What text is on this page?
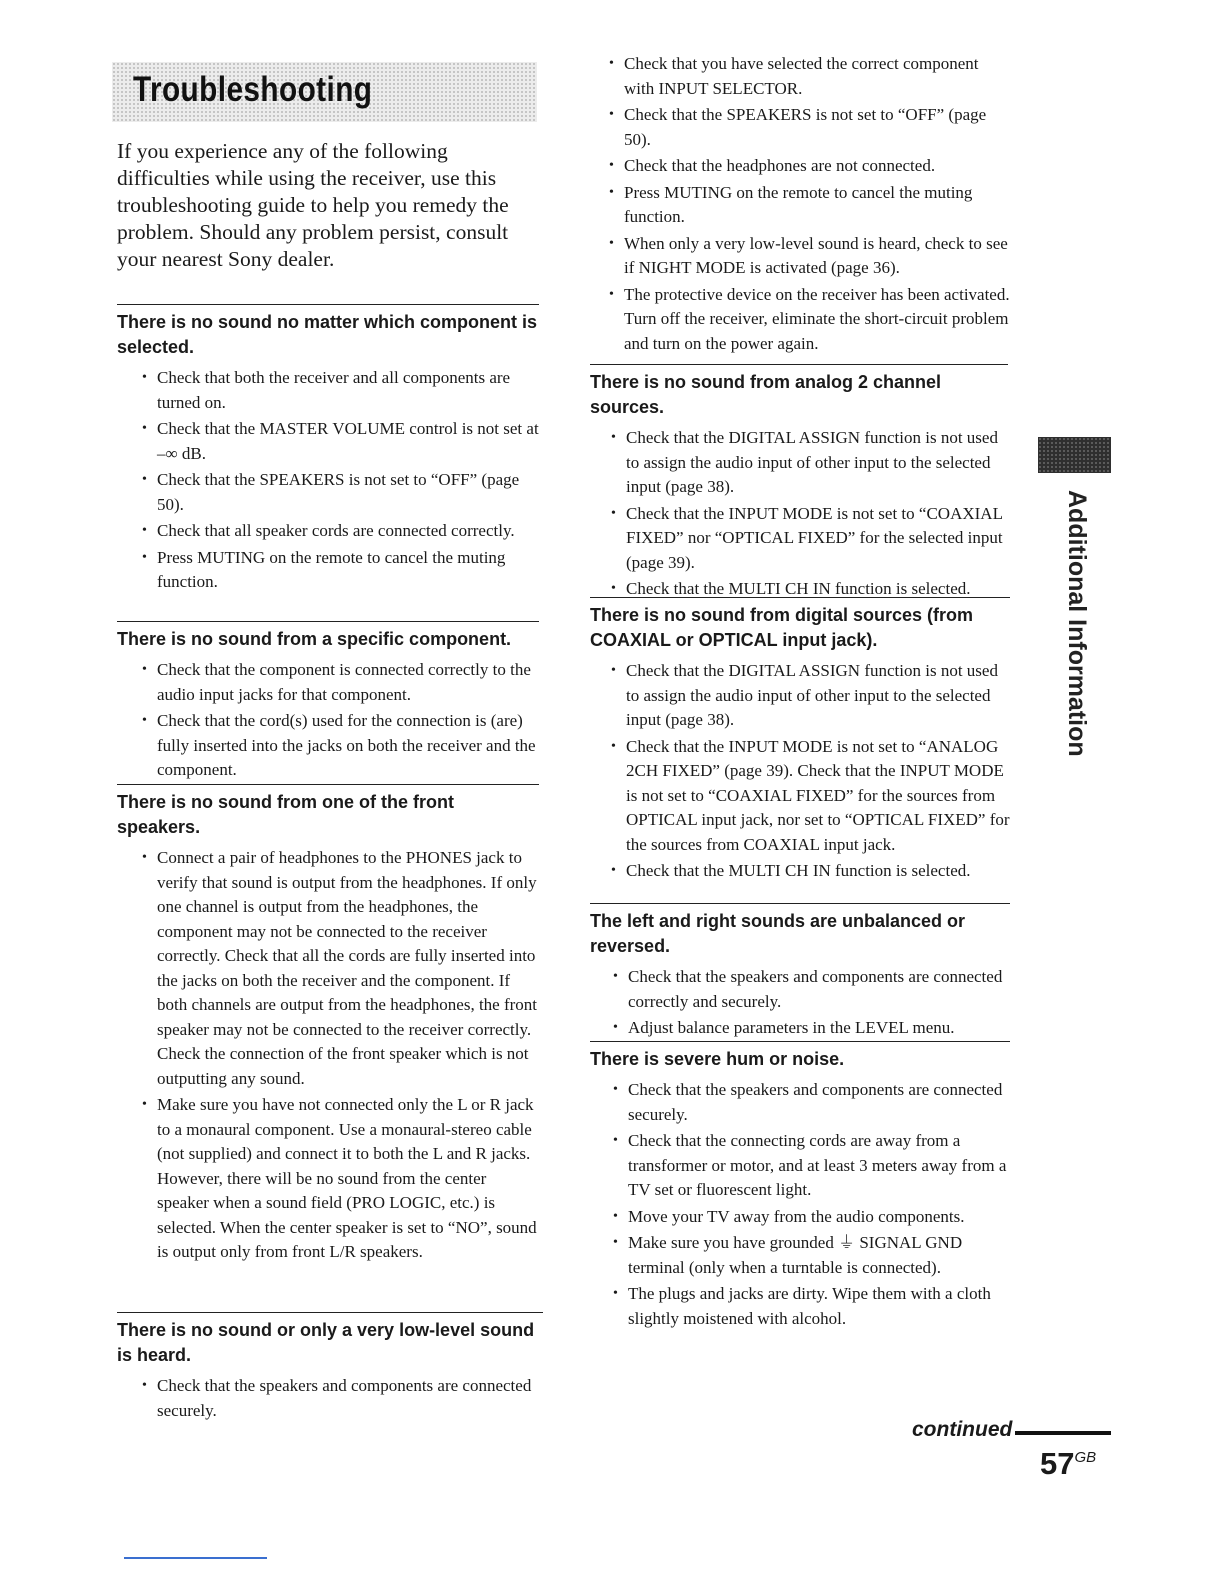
Troubleshooting

If you experience any of the following difficulties while using the receiver, use this troubleshooting guide to help you remedy the problem. Should any problem persist, consult your nearest Sony dealer.

There is no sound no matter which component is selected.
• Check that both the receiver and all components are turned on.
• Check that the MASTER VOLUME control is not set at –∞ dB.
• Check that the SPEAKERS is not set to “OFF” (page 50).
• Check that all speaker cords are connected correctly.
• Press MUTING on the remote to cancel the muting function.
There is no sound from a specific component.
• Check that the component is connected correctly to the audio input jacks for that component.
• Check that the cord(s) used for the connection is (are) fully inserted into the jacks on both the receiver and the component.
There is no sound from one of the front speakers.
• Connect a pair of headphones to the PHONES jack to verify that sound is output from the headphones. If only one channel is output from the headphones, the component may not be connected to the receiver correctly. Check that all the cords are fully inserted into the jacks on both the receiver and the component. If both channels are output from the headphones, the front speaker may not be connected to the receiver correctly. Check the connection of the front speaker which is not outputting any sound.
• Make sure you have not connected only the L or R jack to a monaural component. Use a monaural-stereo cable (not supplied) and connect it to both the L and R jacks. However, there will be no sound from the center speaker when a sound field (PRO LOGIC, etc.) is selected. When the center speaker is set to “NO”, sound is output only from front L/R speakers.
There is no sound or only a very low-level sound is heard.
• Check that the speakers and components are connected securely.
• Check that you have selected the correct component with INPUT SELECTOR.
• Check that the SPEAKERS is not set to “OFF” (page 50).
• Check that the headphones are not connected.
• Press MUTING on the remote to cancel the muting function.
• When only a very low-level sound is heard, check to see if NIGHT MODE is activated (page 36).
• The protective device on the receiver has been activated. Turn off the receiver, eliminate the short-circuit problem and turn on the power again.
There is no sound from analog 2 channel sources.
• Check that the DIGITAL ASSIGN function is not used to assign the audio input of other input to the selected input (page 38).
• Check that the INPUT MODE is not set to “COAXIAL FIXED” nor “OPTICAL FIXED” for the selected input (page 39).
• Check that the MULTI CH IN function is selected.
There is no sound from digital sources (from COAXIAL or OPTICAL input jack).
• Check that the DIGITAL ASSIGN function is not used to assign the audio input of other input to the selected input (page 38).
• Check that the INPUT MODE is not set to “ANALOG 2CH FIXED” (page 39). Check that the INPUT MODE is not set to “COAXIAL FIXED” for the sources from OPTICAL input jack, nor set to “OPTICAL FIXED” for the sources from COAXIAL input jack.
• Check that the MULTI CH IN function is selected.
The left and right sounds are unbalanced or reversed.
• Check that the speakers and components are connected correctly and securely.
• Adjust balance parameters in the LEVEL menu.
There is severe hum or noise.
• Check that the speakers and components are connected securely.
• Check that the connecting cords are away from a transformer or motor, and at least 3 meters away from a TV set or fluorescent light.
• Move your TV away from the audio components.
• Make sure you have grounded ⏚ SIGNAL GND terminal (only when a turntable is connected).
• The plugs and jacks are dirty. Wipe them with a cloth slightly moistened with alcohol.
Additional Information
continued
$57^{GB}$
